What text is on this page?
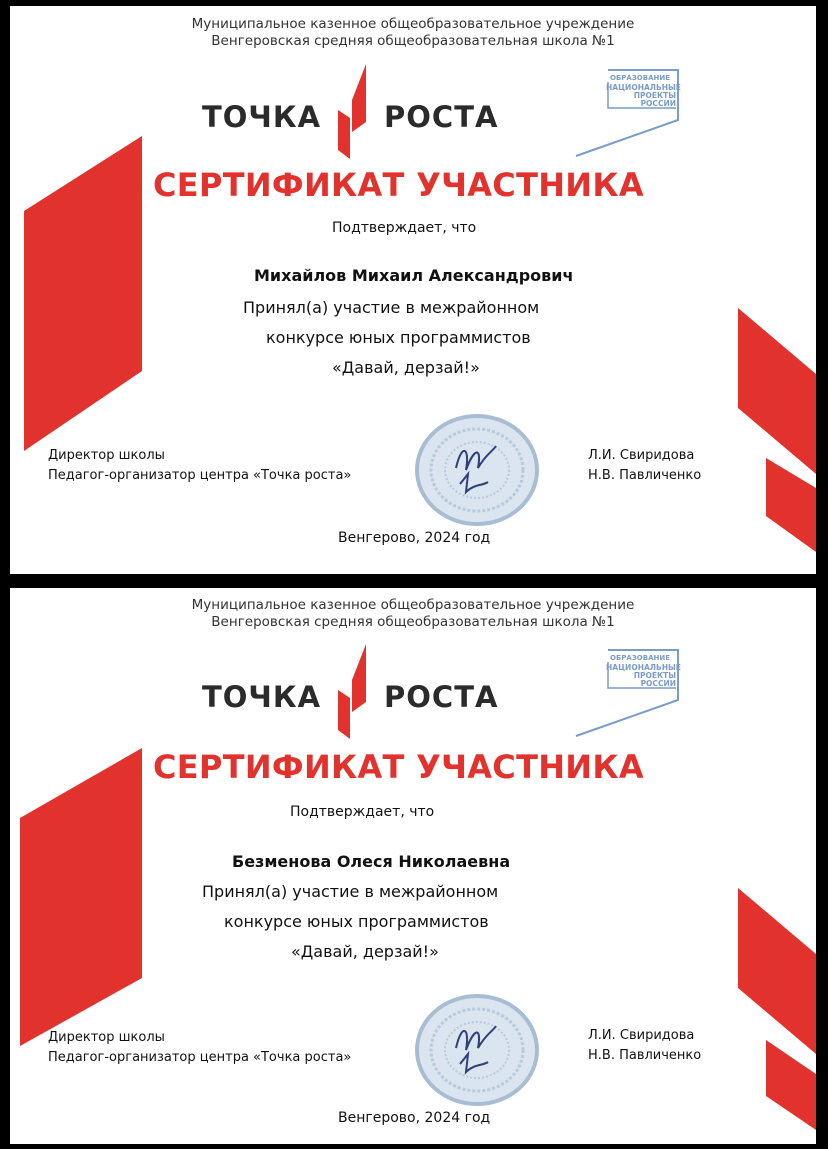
Муниципальное казенное общеобразовательное учреждение
Венгеровская средняя общеобразовательная школа №1
ТОЧКА РОСТА
ОБРАЗОВАНИЕ
НАЦИОНАЛЬНЫЕ
ПРОЕКТЫ
РОССИИ
СЕРТИФИКАТ УЧАСТНИКА
Подтверждает, что
Михайлов Михаил Александрович
Принял(а) участие в межрайонном
конкурсе юных программистов
«Давай, дерзай!»
Директор школы
Педагог-организатор центра «Точка роста»
Л.И. Свиридова
Н.В. Павличенко
Венгерово, 2024 год
Муниципальное казенное общеобразовательное учреждение
Венгеровская средняя общеобразовательная школа №1
ТОЧКА РОСТА
ОБРАЗОВАНИЕ
НАЦИОНАЛЬНЫЕ
ПРОЕКТЫ
РОССИИ
СЕРТИФИКАТ УЧАСТНИКА
Подтверждает, что
Безменова Олеся Николаевна
Принял(а) участие в межрайонном
конкурсе юных программистов
«Давай, дерзай!»
Директор школы
Педагог-организатор центра «Точка роста»
Л.И. Свиридова
Н.В. Павличенко
Венгерово, 2024 год
